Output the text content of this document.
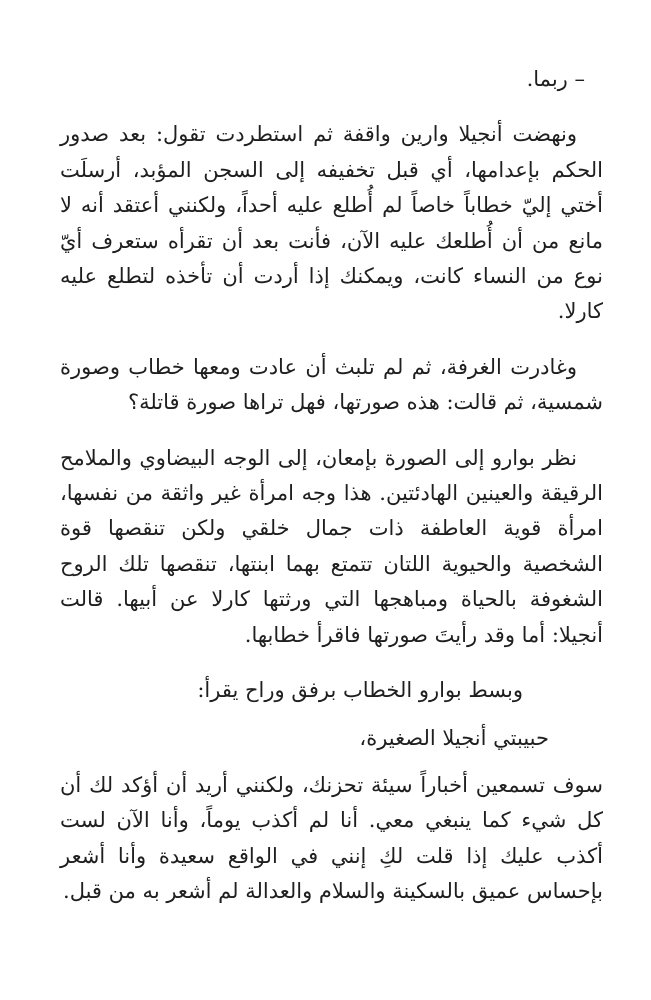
– ربما.

ونهضت أنجيلا وارين واقفة ثم استطردت تقول: بعد صدور الحكم بإعدامها، أي قبل تخفيفه إلى السجن المؤبد، أرسلَت أختي إليّ خطاباً خاصاً لم أُطلع عليه أحداً، ولكنني أعتقد أنه لا مانع من أن أُطلعك عليه الآن، فأنت بعد أن تقرأه ستعرف أيّ نوع من النساء كانت، ويمكنك إذا أردت أن تأخذه لتطلع عليه كارلا.

وغادرت الغرفة، ثم لم تلبث أن عادت ومعها خطاب وصورة شمسية، ثم قالت: هذه صورتها، فهل تراها صورة قاتلة؟

نظر بوارو إلى الصورة بإمعان، إلى الوجه البيضاوي والملامح الرقيقة والعينين الهادئتين. هذا وجه امرأة غير واثقة من نفسها، امرأة قوية العاطفة ذات جمال خلقي ولكن تنقصها قوة الشخصية والحيوية اللتان تتمتع بهما ابنتها، تنقصها تلك الروح الشغوفة بالحياة ومباهجها التي ورثتها كارلا عن أبيها. قالت أنجيلا: أما وقد رأيتَ صورتها فاقرأ خطابها.

وبسط بوارو الخطاب برفق وراح يقرأ:

حبيبتي أنجيلا الصغيرة،

سوف تسمعين أخباراً سيئة تحزنك، ولكنني أريد أن أؤكد لك أن كل شيء كما ينبغي معي. أنا لم أكذب يوماً، وأنا الآن لست أكذب عليك إذا قلت لكِ إنني في الواقع سعيدة وأنا أشعر بإحساس عميق بالسكينة والسلام والعدالة لم أشعر به من قبل.
